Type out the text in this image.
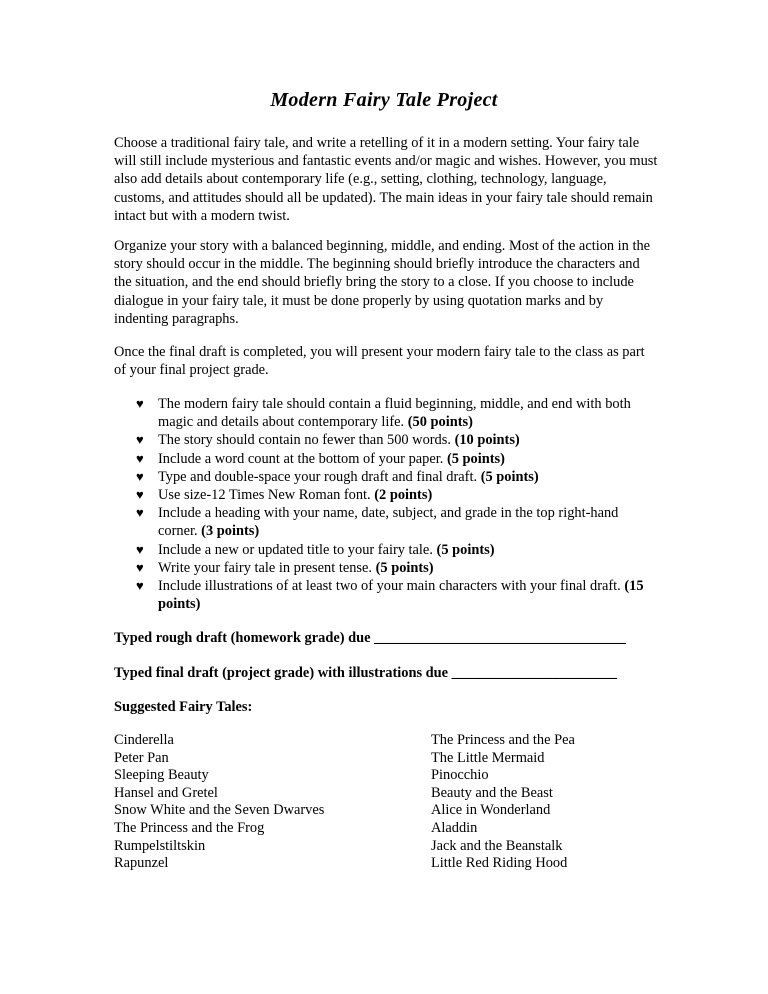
Modern Fairy Tale Project

Choose a traditional fairy tale, and write a retelling of it in a modern setting. Your fairy tale will still include mysterious and fantastic events and/or magic and wishes. However, you must also add details about contemporary life (e.g., setting, clothing, technology, language, customs, and attitudes should all be updated). The main ideas in your fairy tale should remain intact but with a modern twist.

Organize your story with a balanced beginning, middle, and ending. Most of the action in the story should occur in the middle. The beginning should briefly introduce the characters and the situation, and the end should briefly bring the story to a close. If you choose to include dialogue in your fairy tale, it must be done properly by using quotation marks and by indenting paragraphs.

Once the final draft is completed, you will present your modern fairy tale to the class as part of your final project grade.

♥ The modern fairy tale should contain a fluid beginning, middle, and end with both magic and details about contemporary life. (50 points)
♥ The story should contain no fewer than 500 words. (10 points)
♥ Include a word count at the bottom of your paper. (5 points)
♥ Type and double-space your rough draft and final draft. (5 points)
♥ Use size-12 Times New Roman font. (2 points)
♥ Include a heading with your name, date, subject, and grade in the top right-hand corner. (3 points)
♥ Include a new or updated title to your fairy tale. (5 points)
♥ Write your fairy tale in present tense. (5 points)
♥ Include illustrations of at least two of your main characters with your final draft. (15 points)
Typed rough draft (homework grade) due ___________________________________
Typed final draft (project grade) with illustrations due _______________________
Suggested Fairy Tales:
Cinderella
Peter Pan
Sleeping Beauty
Hansel and Gretel
Snow White and the Seven Dwarves
The Princess and the Frog
Rumpelstiltskin
Rapunzel
The Princess and the Pea
The Little Mermaid
Pinocchio
Beauty and the Beast
Alice in Wonderland
Aladdin
Jack and the Beanstalk
Little Red Riding Hood
